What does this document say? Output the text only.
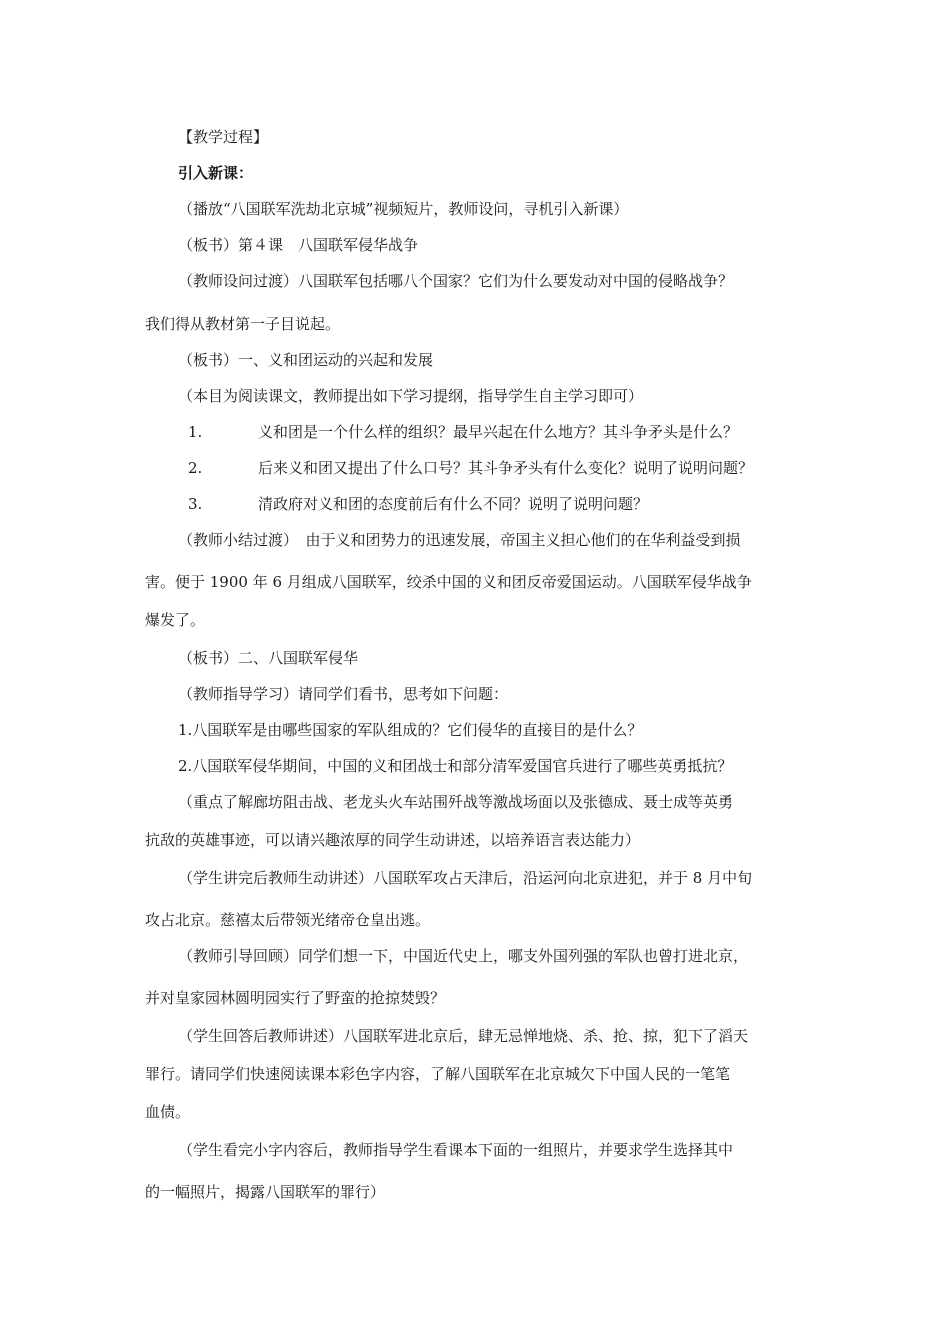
【教学过程】
引入新课：
（播放“八国联军洗劫北京城”视频短片，教师设问，寻机引入新课）
（板书）第４课　八国联军侵华战争
（教师设问过渡）八国联军包括哪八个国家？它们为什么要发动对中国的侵略战争？
我们得从教材第一子目说起。
（板书）一、义和团运动的兴起和发展
（本目为阅读课文，教师提出如下学习提纲，指导学生自主学习即可）
1.	义和团是一个什么样的组织？最早兴起在什么地方？其斗争矛头是什么？
2.	后来义和团又提出了什么口号？其斗争矛头有什么变化？说明了说明问题？
3.	清政府对义和团的态度前后有什么不同？说明了说明问题？
（教师小结过渡）　由于义和团势力的迅速发展，帝国主义担心他们的在华利益受到损
害。便于 1900 年 6 月组成八国联军，绞杀中国的义和团反帝爱国运动。八国联军侵华战争
爆发了。
（板书）二、八国联军侵华
（教师指导学习）请同学们看书，思考如下问题：
1.八国联军是由哪些国家的军队组成的？它们侵华的直接目的是什么？
2.八国联军侵华期间，中国的义和团战士和部分清军爱国官兵进行了哪些英勇抵抗？
（重点了解廊坊阻击战、老龙头火车站围歼战等激战场面以及张德成、聂士成等英勇
抗敌的英雄事迹，可以请兴趣浓厚的同学生动讲述，以培养语言表达能力）
（学生讲完后教师生动讲述）八国联军攻占天津后，沿运河向北京进犯，并于 8 月中旬
攻占北京。慈禧太后带领光绪帝仓皇出逃。
（教师引导回顾）同学们想一下，中国近代史上，哪支外国列强的军队也曾打进北京，
并对皇家园林圆明园实行了野蛮的抢掠焚毁？
（学生回答后教师讲述）八国联军进北京后，肆无忌惮地烧、杀、抢、掠，犯下了滔天
罪行。请同学们快速阅读课本彩色字内容，了解八国联军在北京城欠下中国人民的一笔笔
血债。
（学生看完小字内容后，教师指导学生看课本下面的一组照片，并要求学生选择其中
的一幅照片，揭露八国联军的罪行）
